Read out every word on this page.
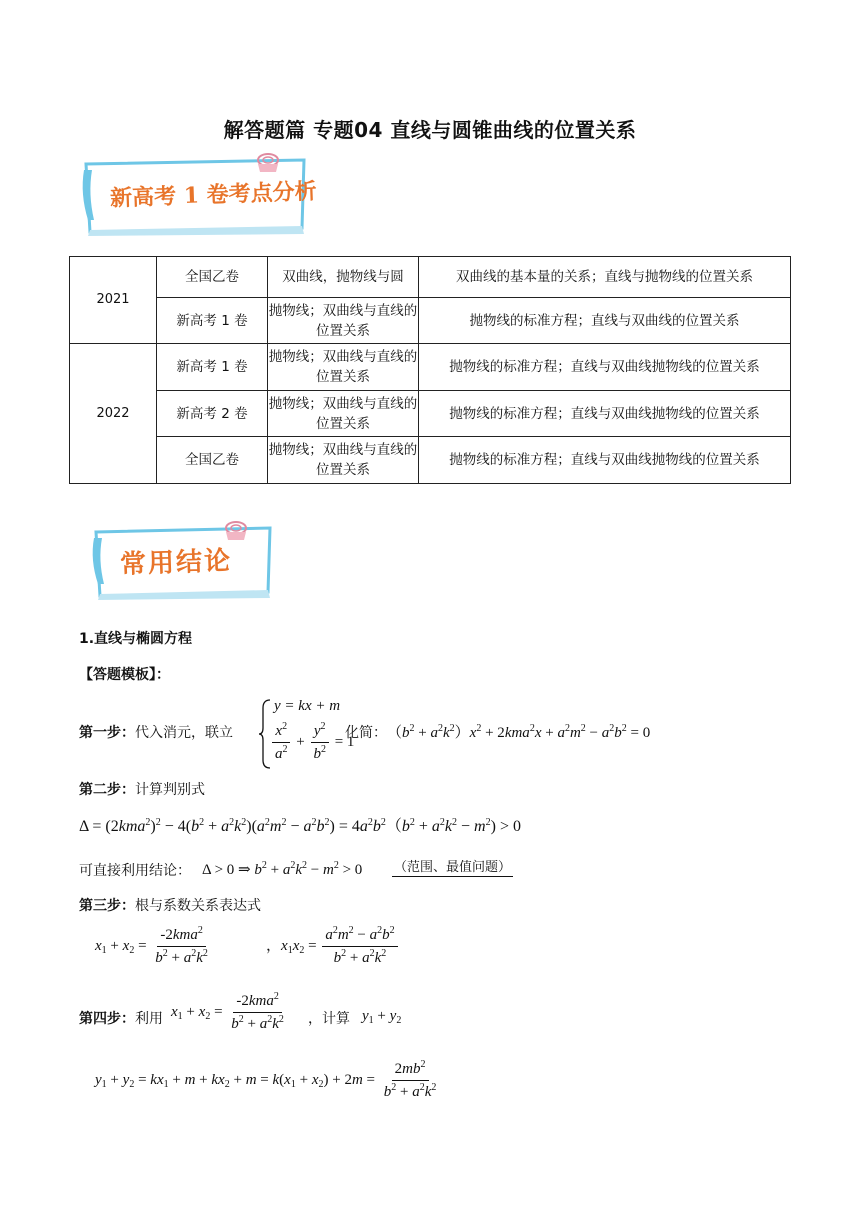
解答题篇 专题04 直线与圆锥曲线的位置关系
新高考 1 卷考点分析
2021	全国乙卷	双曲线，抛物线与圆	双曲线的基本量的关系；直线与抛物线的位置关系
	新高考 1 卷	抛物线；双曲线与直线的位置关系	抛物线的标准方程；直线与双曲线的位置关系
2022	新高考 1 卷	抛物线；双曲线与直线的位置关系	抛物线的标准方程；直线与双曲线抛物线的位置关系
	新高考 2 卷	抛物线；双曲线与直线的位置关系	抛物线的标准方程；直线与双曲线抛物线的位置关系
	全国乙卷	抛物线；双曲线与直线的位置关系	抛物线的标准方程；直线与双曲线抛物线的位置关系
常用结论
1.直线与椭圆方程
【答题模板】：
第一步：代入消元，联立
y = kx + m
$\frac{x^2}{a^2} + \frac{y^2}{b^2} = 1$
化简： $(b^2 + a^2k^2)x^2 + 2kma^2x + a^2m^2 - a^2b^2 = 0$
第二步：计算判别式
$\Delta = (2kma^2)^2 - 4(b^2 + a^2k^2)(a^2m^2 - a^2b^2) = 4a^2b^2(b^2 + a^2k^2 - m^2) > 0$
可直接利用结论： Δ > 0 ⇒ $b^2 + a^2k^2 - m^2 > 0$ （范围、最值问题）
第三步：根与系数关系表达式
$x_1 + x_2 = \frac{-2kma^2}{b^2 + a^2k^2}$	，$x_1x_2 = \frac{a^2m^2 - a^2b^2}{b^2 + a^2k^2}$
第四步：利用 $x_1 + x_2 = \frac{-2kma^2}{b^2 + a^2k^2}$ ，计算 $y_1 + y_2$
$y_1 + y_2 = kx_1 + m + kx_2 + m = k(x_1 + x_2) + 2m = \frac{2mb^2}{b^2 + a^2k^2}$
